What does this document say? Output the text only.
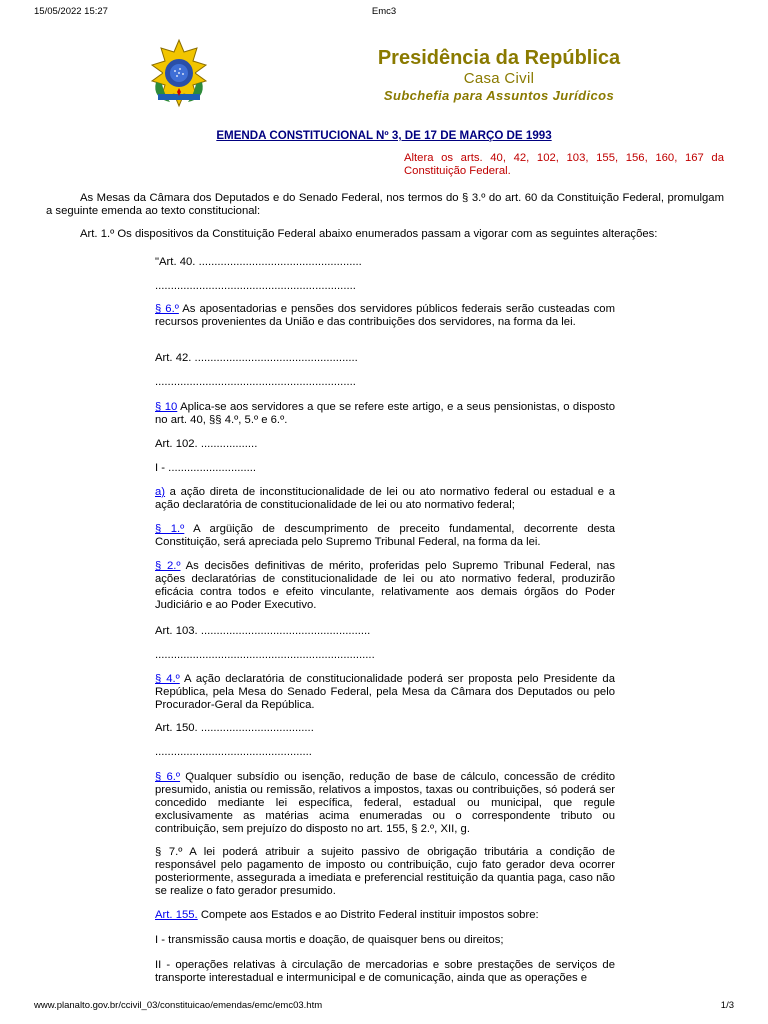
15/05/2022 15:27	Emc3
Presidência da República
Casa Civil
Subchefia para Assuntos Jurídicos
EMENDA CONSTITUCIONAL Nº 3, DE 17 DE MARÇO DE 1993
Altera os arts. 40, 42, 102, 103, 155, 156, 160, 167 da Constituição Federal.
As Mesas da Câmara dos Deputados e do Senado Federal, nos termos do § 3.º do art. 60 da Constituição Federal, promulgam a seguinte emenda ao texto constitucional:
Art. 1.º Os dispositivos da Constituição Federal abaixo enumerados passam a vigorar com as seguintes alterações:
"Art. 40. ....................................................
................................................................
§ 6.º As aposentadorias e pensões dos servidores públicos federais serão custeadas com recursos provenientes da União e das contribuições dos servidores, na forma da lei.
Art. 42. ....................................................
................................................................
§ 10 Aplica-se aos servidores a que se refere este artigo, e a seus pensionistas, o disposto no art. 40, §§ 4.º, 5.º e 6.º.
Art. 102. ..................
I - ............................
a) a ação direta de inconstitucionalidade de lei ou ato normativo federal ou estadual e a ação declaratória de constitucionalidade de lei ou ato normativo federal;
§ 1.º A argüição de descumprimento de preceito fundamental, decorrente desta Constituição, será apreciada pelo Supremo Tribunal Federal, na forma da lei.
§ 2.º As decisões definitivas de mérito, proferidas pelo Supremo Tribunal Federal, nas ações declaratórias de constitucionalidade de lei ou ato normativo federal, produzirão eficácia contra todos e efeito vinculante, relativamente aos demais órgãos do Poder Judiciário e ao Poder Executivo.
Art. 103. ......................................................
......................................................................
§ 4.º A ação declaratória de constitucionalidade poderá ser proposta pelo Presidente da República, pela Mesa do Senado Federal, pela Mesa da Câmara dos Deputados ou pelo Procurador-Geral da República.
Art. 150. ....................................
..................................................
§ 6.º Qualquer subsídio ou isenção, redução de base de cálculo, concessão de crédito presumido, anistia ou remissão, relativos a impostos, taxas ou contribuições, só poderá ser concedido mediante lei específica, federal, estadual ou municipal, que regule exclusivamente as matérias acima enumeradas ou o correspondente tributo ou contribuição, sem prejuízo do disposto no art. 155, § 2.º, XII, g.
§ 7.º A lei poderá atribuir a sujeito passivo de obrigação tributária a condição de responsável pelo pagamento de imposto ou contribuição, cujo fato gerador deva ocorrer posteriormente, assegurada a imediata e preferencial restituição da quantia paga, caso não se realize o fato gerador presumido.
Art. 155. Compete aos Estados e ao Distrito Federal instituir impostos sobre:
I - transmissão causa mortis e doação, de quaisquer bens ou direitos;
II - operações relativas à circulação de mercadorias e sobre prestações de serviços de transporte interestadual e intermunicipal e de comunicação, ainda que as operações e
www.planalto.gov.br/ccivil_03/constituicao/emendas/emc/emc03.htm	1/3
